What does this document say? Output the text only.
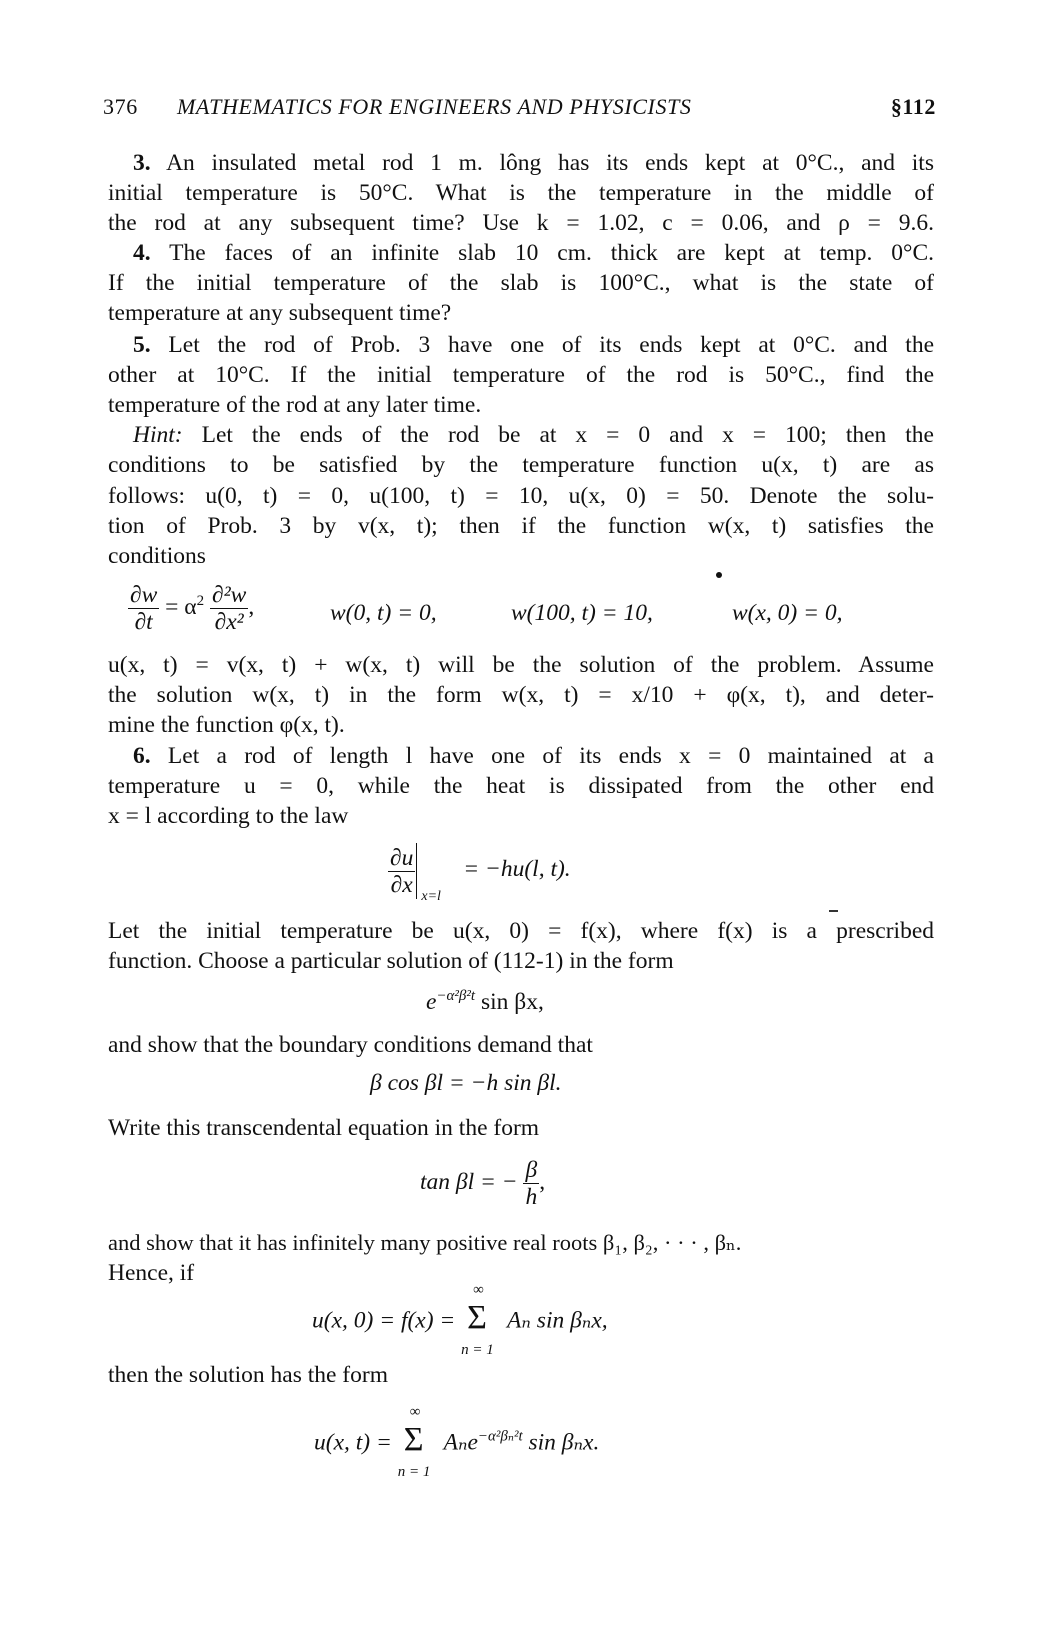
376 MATHEMATICS FOR ENGINEERS AND PHYSICISTS	§112
3. An insulated metal rod 1 m. lông has its ends kept at 0°C., and its
initial temperature is 50°C. What is the temperature in the middle of
the rod at any subsequent time? Use k = 1.02, c = 0.06, and ρ = 9.6.
4. The faces of an infinite slab 10 cm. thick are kept at temp. 0°C.
If the initial temperature of the slab is 100°C., what is the state of
temperature at any subsequent time?
5. Let the rod of Prob. 3 have one of its ends kept at 0°C. and the
other at 10°C. If the initial temperature of the rod is 50°C., find the
temperature of the rod at any later time.
Hint: Let the ends of the rod be at x = 0 and x = 100; then the
conditions to be satisfied by the temperature function u(x, t) are as
follows: u(0, t) = 0, u(100, t) = 10, u(x, 0) = 50. Denote the solu-
tion of Prob. 3 by v(x, t); then if the function w(x, t) satisfies the
conditions
$\frac{\partial w}{\partial t} = \alpha^2 \frac{\text{∂²w}}{\text{∂x²}}$ ,	w(0, t) = 0,	w(100, t) = 10,	w(x, 0) = 0,
u(x, t) = v(x, t) + w(x, t) will be the solution of the problem. Assume
the solution w(x, t) in the form w(x, t) = x/10 + φ(x, t), and deter-
mine the function φ(x, t).
6. Let a rod of length l have one of its ends x = 0 maintained at a
temperature u = 0, while the heat is dissipated from the other end
x = l according to the law
$\frac{\partial u}{\partial x} x=l$
= −hu(l, t).
Let the initial temperature be u(x, 0) = f(x), where f(x) is a prescribed
function. Choose a particular solution of (112-1) in the form
$e^{-\alpha^2\beta^2t}$ sin βx,
and show that the boundary conditions demand that
β cos βl = −h sin βl.
Write this transcendental equation in the form
tan βl = − $\frac{\beta}{h}$ ,
and show that it has infinitely many positive real roots β₁, β₂, · · · , βₙ.
Hence, if
u(x, 0) = f(x) =
∞
Σ
n = 1
Aₙ sin βₙx,
then the solution has the form
u(x, t) =
∞
Σ
n = 1
Aₙe$^{-\alpha^2\beta_n^2t}$ sin βₙx.
